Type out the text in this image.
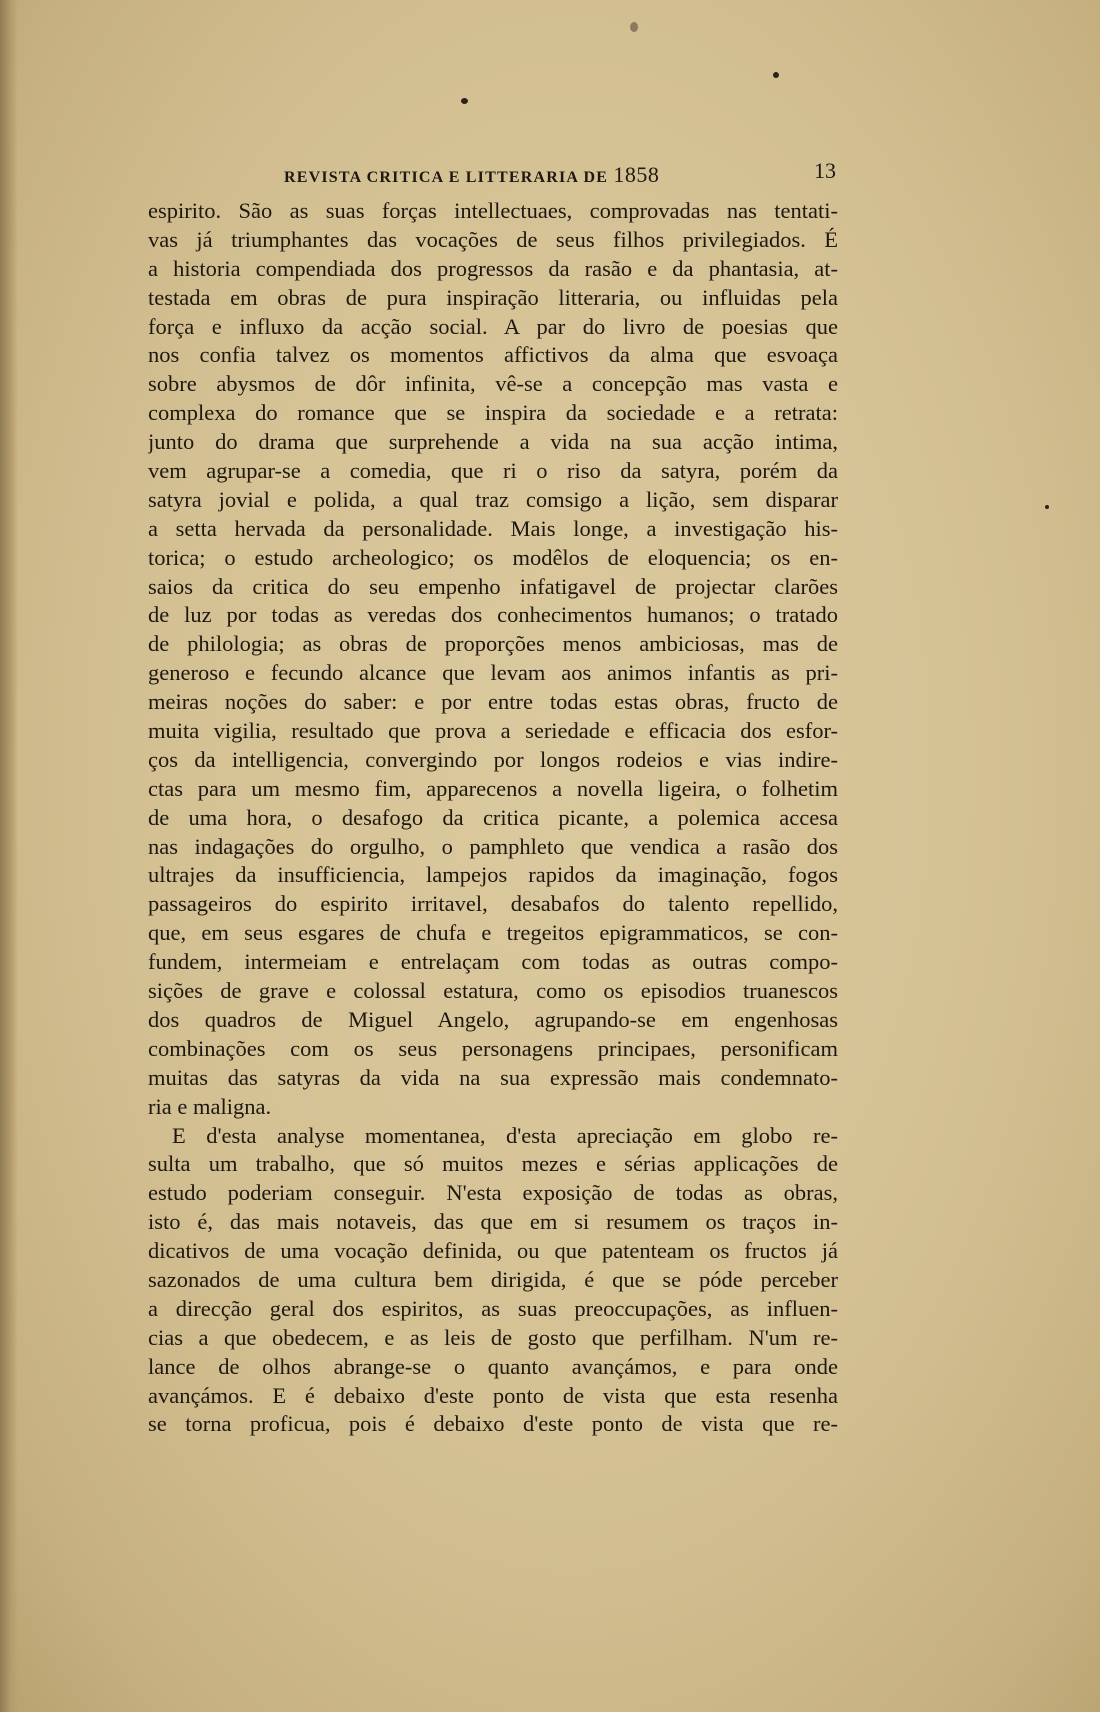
REVISTA CRITICA E LITTERARIA DE 1858	13
espirito. São as suas forças intellectuaes, comprovadas nas tentati-
vas já triumphantes das vocações de seus filhos privilegiados. É
a historia compendiada dos progressos da rasão e da phantasia, at-
testada em obras de pura inspiração litteraria, ou influidas pela
força e influxo da acção social. A par do livro de poesias que
nos confia talvez os momentos affictivos da alma que esvoaça
sobre abysmos de dôr infinita, vê-se a concepção mas vasta e
complexa do romance que se inspira da sociedade e a retrata:
junto do drama que surprehende a vida na sua acção intima,
vem agrupar-se a comedia, que ri o riso da satyra, porém da
satyra jovial e polida, a qual traz comsigo a lição, sem disparar
a setta hervada da personalidade. Mais longe, a investigação his-
torica; o estudo archeologico; os modêlos de eloquencia; os en-
saios da critica do seu empenho infatigavel de projectar clarões
de luz por todas as veredas dos conhecimentos humanos; o tratado
de philologia; as obras de proporções menos ambiciosas, mas de
generoso e fecundo alcance que levam aos animos infantis as pri-
meiras noções do saber: e por entre todas estas obras, fructo de
muita vigilia, resultado que prova a seriedade e efficacia dos esfor-
ços da intelligencia, convergindo por longos rodeios e vias indire-
ctas para um mesmo fim, apparecenos a novella ligeira, o folhetim
de uma hora, o desafogo da critica picante, a polemica accesa
nas indagações do orgulho, o pamphleto que vendica a rasão dos
ultrajes da insufficiencia, lampejos rapidos da imaginação, fogos
passageiros do espirito irritavel, desabafos do talento repellido,
que, em seus esgares de chufa e tregeitos epigrammaticos, se con-
fundem, intermeiam e entrelaçam com todas as outras compo-
sições de grave e colossal estatura, como os episodios truanescos
dos quadros de Miguel Angelo, agrupando-se em engenhosas
combinações com os seus personagens principaes, personificam
muitas das satyras da vida na sua expressão mais condemnato-
ria e maligna.
E d'esta analyse momentanea, d'esta apreciação em globo re-
sulta um trabalho, que só muitos mezes e sérias applicações de
estudo poderiam conseguir. N'esta exposição de todas as obras,
isto é, das mais notaveis, das que em si resumem os traços in-
dicativos de uma vocação definida, ou que patenteam os fructos já
sazonados de uma cultura bem dirigida, é que se póde perceber
a direcção geral dos espiritos, as suas preoccupações, as influen-
cias a que obedecem, e as leis de gosto que perfilham. N'um re-
lance de olhos abrange-se o quanto avançámos, e para onde
avançámos. E é debaixo d'este ponto de vista que esta resenha
se torna proficua, pois é debaixo d'este ponto de vista que re-
